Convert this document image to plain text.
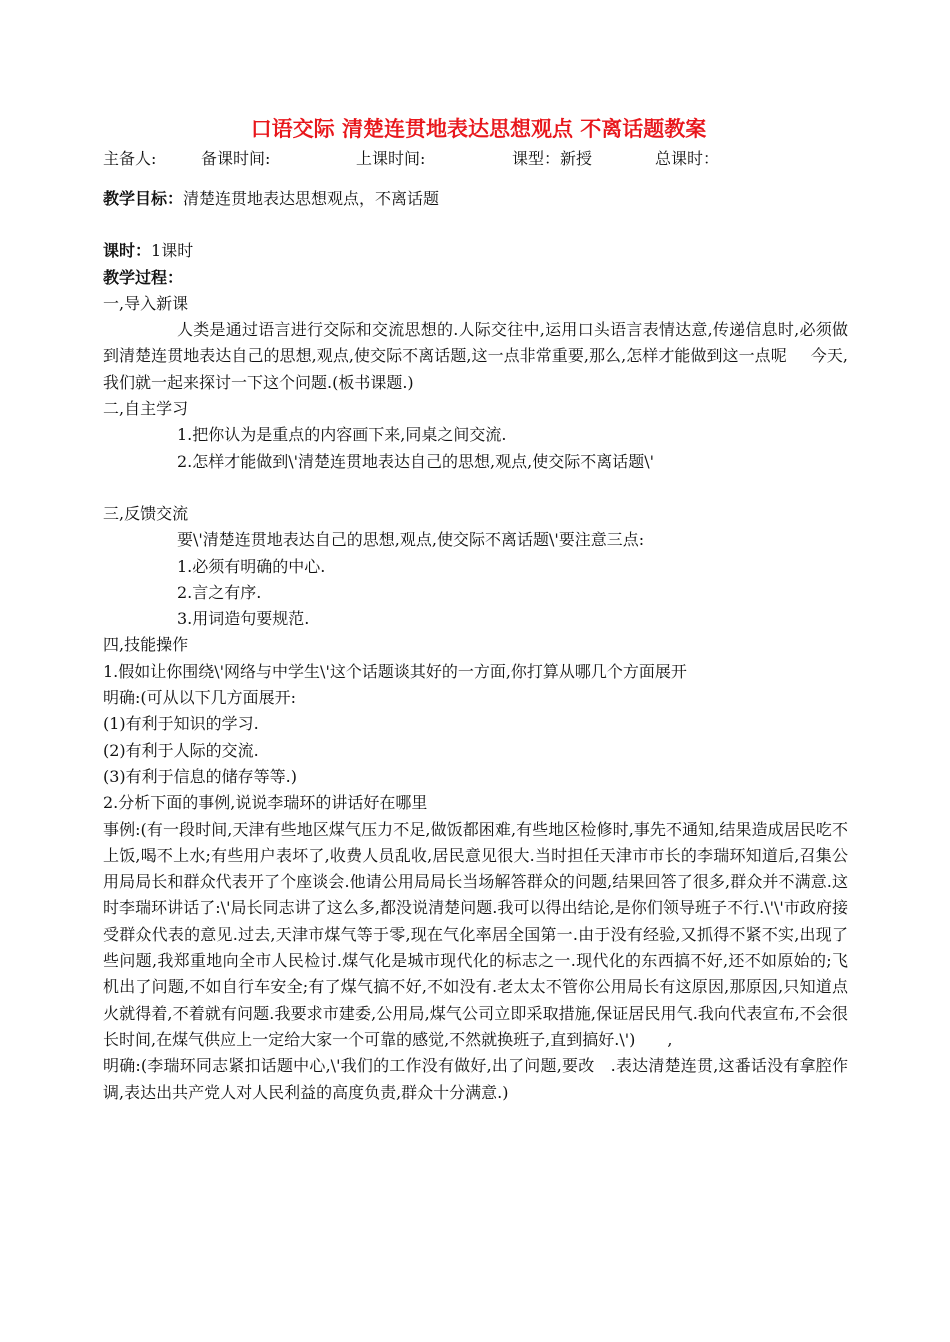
口语交际 清楚连贯地表达思想观点 不离话题教案
主备人:	备课时间:	上课时间:	课型：新授	总课时：
教学目标：清楚连贯地表达思想观点，不离话题
课时：1课时
教学过程：
一,导入新课
人类是通过语言进行交际和交流思想的.人际交往中,运用口头语言表情达意,传递信息时,必须做到清楚连贯地表达自己的思想,观点,使交际不离话题,这一点非常重要,那么,怎样才能做到这一点呢 今天,我们就一起来探讨一下这个问题.(板书课题.)
二,自主学习
1.把你认为是重点的内容画下来,同桌之间交流.
2.怎样才能做到\'清楚连贯地表达自己的思想,观点,使交际不离话题\'
三,反馈交流
要\'清楚连贯地表达自己的思想,观点,使交际不离话题\'要注意三点:
1.必须有明确的中心.
2.言之有序.
3.用词造句要规范.
四,技能操作
1.假如让你围绕\'网络与中学生\'这个话题谈其好的一方面,你打算从哪几个方面展开
明确:(可从以下几方面展开:
(1)有利于知识的学习.
(2)有利于人际的交流.
(3)有利于信息的储存等等.)
2.分析下面的事例,说说李瑞环的讲话好在哪里
事例:(有一段时间,天津有些地区煤气压力不足,做饭都困难,有些地区检修时,事先不通知,结果造成居民吃不上饭,喝不上水;有些用户表坏了,收费人员乱收,居民意见很大.当时担任天津市市长的李瑞环知道后,召集公用局局长和群众代表开了个座谈会.他请公用局局长当场解答群众的问题,结果回答了很多,群众并不满意.这时李瑞环讲话了:\'局长同志讲了这么多,都没说清楚问题.我可以得出结论,是你们领导班子不行.\'\'市政府接受群众代表的意见.过去,天津市煤气等于零,现在气化率居全国第一.由于没有经验,又抓得不紧不实,出现了些问题,我郑重地向全市人民检讨.煤气化是城市现代化的标志之一.现代化的东西搞不好,还不如原始的;飞机出了问题,不如自行车安全;有了煤气搞不好,不如没有.老太太不管你公用局长有这原因,那原因,只知道点火就得着,不着就有问题.我要求市建委,公用局,煤气公司立即采取措施,保证居民用气.我向代表宣布,不会很长时间,在煤气供应上一定给大家一个可靠的感觉,不然就换班子,直到搞好.\')　　,
明确:(李瑞环同志紧扣话题中心,\'我们的工作没有做好,出了问题,要改　.表达清楚连贯,这番话没有拿腔作调,表达出共产党人对人民利益的高度负责,群众十分满意.)
